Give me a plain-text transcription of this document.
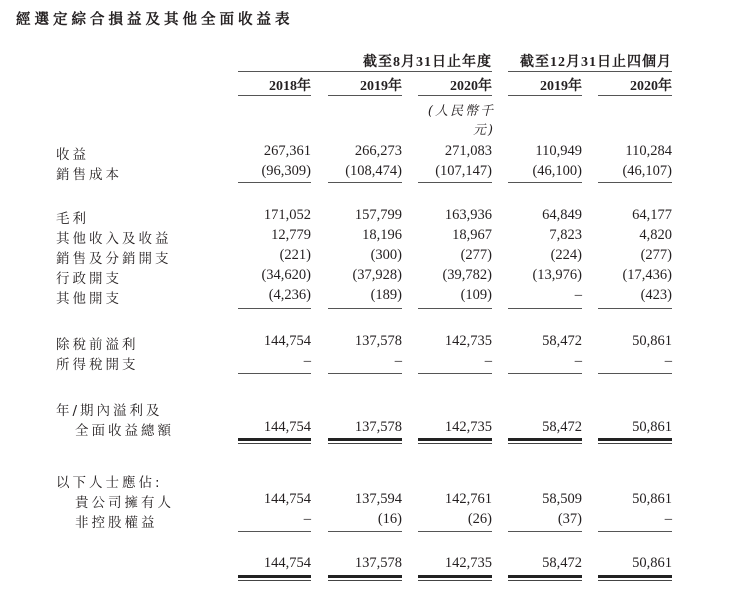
經選定綜合損益及其他全面收益表
截至8月31日止年度	截至12月31日止四個月
2018年	2019年	2020年	2019年	2020年
(人民幣千元)
收益	267,361	266,273	271,083	110,949	110,284
銷售成本	(96,309)	(108,474)	(107,147)	(46,100)	(46,107)
毛利	171,052	157,799	163,936	64,849	64,177
其他收入及收益	12,779	18,196	18,967	7,823	4,820
銷售及分銷開支	(221)	(300)	(277)	(224)	(277)
行政開支	(34,620)	(37,928)	(39,782)	(13,976)	(17,436)
其他開支	(4,236)	(189)	(109)	–	(423)
除稅前溢利	144,754	137,578	142,735	58,472	50,861
所得稅開支	–	–	–	–	–
年/期內溢利及
全面收益總額	144,754	137,578	142,735	58,472	50,861
以下人士應佔:
貴公司擁有人	144,754	137,594	142,761	58,509	50,861
非控股權益	–	(16)	(26)	(37)	–
144,754	137,578	142,735	58,472	50,861
